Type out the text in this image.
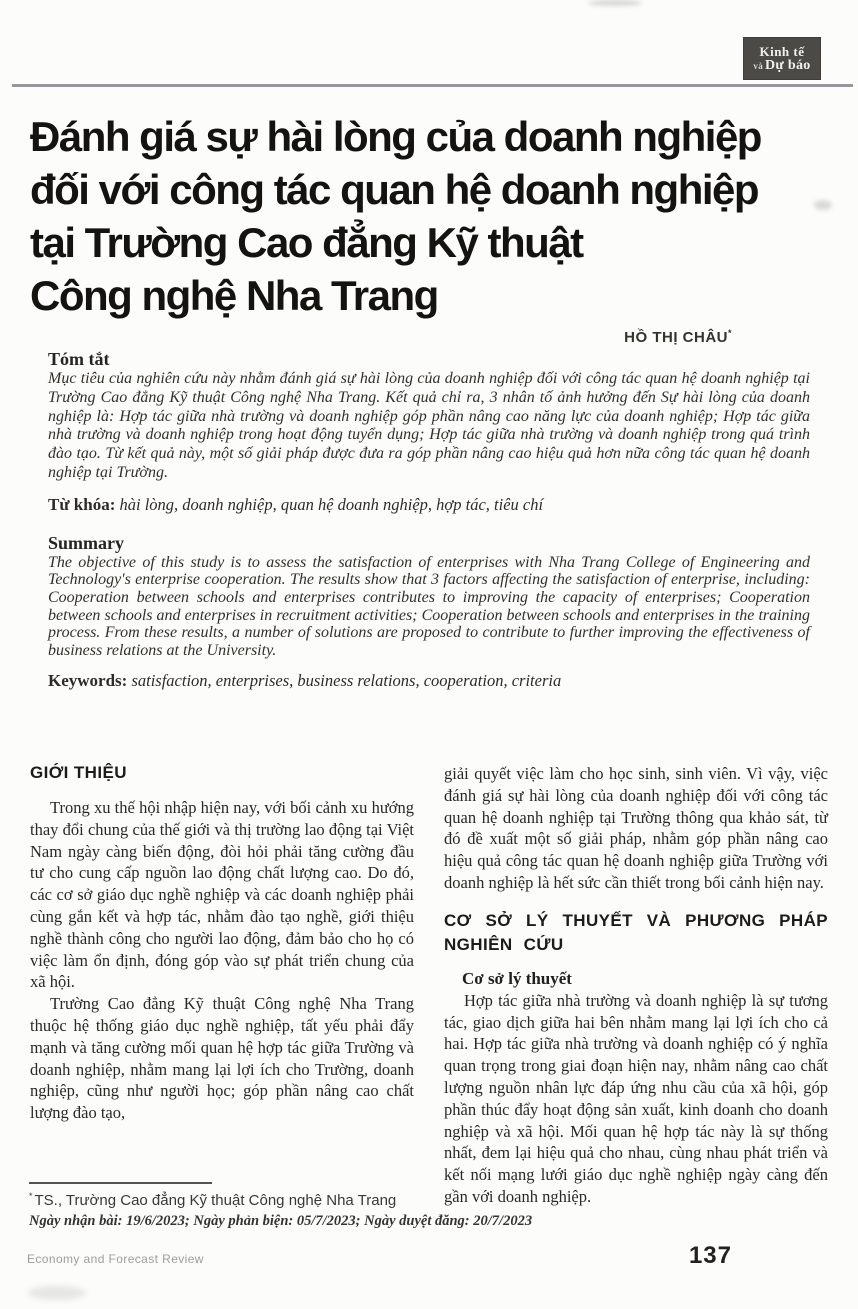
Kinh tế
và Dự báo
Đánh giá sự hài lòng của doanh nghiệp
đối với công tác quan hệ doanh nghiệp
tại Trường Cao đẳng Kỹ thuật
Công nghệ Nha Trang
HỒ THỊ CHÂU*

Tóm tắt

Mục tiêu của nghiên cứu này nhằm đánh giá sự hài lòng của doanh nghiệp đối với công tác quan hệ doanh nghiệp tại Trường Cao đẳng Kỹ thuật Công nghệ Nha Trang. Kết quả chỉ ra, 3 nhân tố ảnh hưởng đến Sự hài lòng của doanh nghiệp là: Hợp tác giữa nhà trường và doanh nghiệp góp phần nâng cao năng lực của doanh nghiệp; Hợp tác giữa nhà trường và doanh nghiệp trong hoạt động tuyển dụng; Hợp tác giữa nhà trường và doanh nghiệp trong quá trình đào tạo. Từ kết quả này, một số giải pháp được đưa ra góp phần nâng cao hiệu quả hơn nữa công tác quan hệ doanh nghiệp tại Trường.

Từ khóa: hài lòng, doanh nghiệp, quan hệ doanh nghiệp, hợp tác, tiêu chí

Summary

The objective of this study is to assess the satisfaction of enterprises with Nha Trang College of Engineering and Technology's enterprise cooperation. The results show that 3 factors affecting the satisfaction of enterprise, including: Cooperation between schools and enterprises contributes to improving the capacity of enterprises; Cooperation between schools and enterprises in recruitment activities; Cooperation between schools and enterprises in the training process. From these results, a number of solutions are proposed to contribute to further improving the effectiveness of business relations at the University.

Keywords: satisfaction, enterprises, business relations, cooperation, criteria

GIỚI THIỆU

Trong xu thế hội nhập hiện nay, với bối cảnh xu hướng thay đổi chung của thế giới và thị trường lao động tại Việt Nam ngày càng biến động, đòi hỏi phải tăng cường đầu tư cho cung cấp nguồn lao động chất lượng cao. Do đó, các cơ sở giáo dục nghề nghiệp và các doanh nghiệp phải cùng gắn kết và hợp tác, nhằm đào tạo nghề, giới thiệu nghề thành công cho người lao động, đảm bảo cho họ có việc làm ổn định, đóng góp vào sự phát triển chung của xã hội.

Trường Cao đẳng Kỹ thuật Công nghệ Nha Trang thuộc hệ thống giáo dục nghề nghiệp, tất yếu phải đẩy mạnh và tăng cường mối quan hệ hợp tác giữa Trường và doanh nghiệp, nhằm mang lại lợi ích cho Trường, doanh nghiệp, cũng như người học; góp phần nâng cao chất lượng đào tạo,

giải quyết việc làm cho học sinh, sinh viên. Vì vậy, việc đánh giá sự hài lòng của doanh nghiệp đối với công tác quan hệ doanh nghiệp tại Trường thông qua khảo sát, từ đó đề xuất một số giải pháp, nhằm góp phần nâng cao hiệu quả công tác quan hệ doanh nghiệp giữa Trường với doanh nghiệp là hết sức cần thiết trong bối cảnh hiện nay.

CƠ SỞ LÝ THUYẾT VÀ PHƯƠNG PHÁP NGHIÊN CỨU
Cơ sở lý thuyết

Hợp tác giữa nhà trường và doanh nghiệp là sự tương tác, giao dịch giữa hai bên nhằm mang lại lợi ích cho cả hai. Hợp tác giữa nhà trường và doanh nghiệp có ý nghĩa quan trọng trong giai đoạn hiện nay, nhằm nâng cao chất lượng nguồn nhân lực đáp ứng nhu cầu của xã hội, góp phần thúc đẩy hoạt động sản xuất, kinh doanh cho doanh nghiệp và xã hội. Mối quan hệ hợp tác này là sự thống nhất, đem lại hiệu quả cho nhau, cùng nhau phát triển và kết nối mạng lưới giáo dục nghề nghiệp ngày càng đến gần với doanh nghiệp.

* TS., Trường Cao đẳng Kỹ thuật Công nghệ Nha Trang
Ngày nhận bài: 19/6/2023; Ngày phản biện: 05/7/2023; Ngày duyệt đăng: 20/7/2023
Economy and Forecast Review	137
